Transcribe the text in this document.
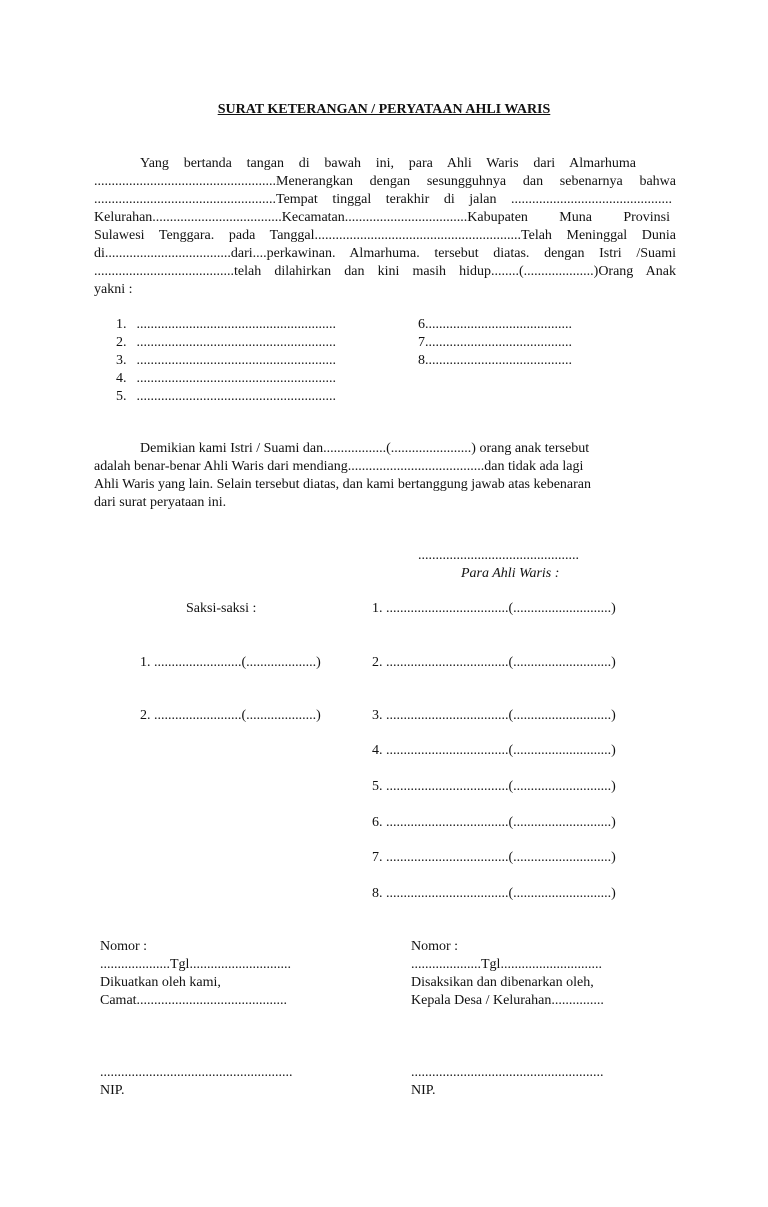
SURAT KETERANGAN / PERYATAAN AHLI WARIS
Yang bertanda tangan di bawah ini, para Ahli Waris dari Almarhuma
....................................................Menerangkan dengan sesungguhnya dan sebenarnya bahwa
....................................................Tempat tinggal terakhir di jalan ..............................................
Kelurahan.....................................Kecamatan...................................Kabupaten Muna Provinsi
Sulawesi Tenggara. pada Tanggal...........................................................Telah Meninggal Dunia
di....................................dari....perkawinan. Almarhuma. tersebut diatas. dengan Istri /Suami
........................................telah dilahirkan dan kini masih hidup........(....................)Orang Anak
yakni :
1. .........................................................
2. .........................................................
3. .........................................................
4. .........................................................
5. .........................................................
6..........................................
7..........................................
8..........................................
Demikian kami Istri / Suami dan..................(.......................) orang anak tersebut
adalah benar-benar Ahli Waris dari mendiang.......................................dan tidak ada lagi
Ahli Waris yang lain. Selain tersebut diatas, dan kami bertanggung jawab atas kebenaran
dari surat peryataan ini.
..............................................
Para Ahli Waris :
Saksi-saksi :
1. .........................(....................)
2. .........................(....................)
1. ...................................(............................)
2. ...................................(............................)
3. ...................................(............................)
4. ...................................(............................)
5. ...................................(............................)
6. ...................................(............................)
7. ...................................(............................)
8. ...................................(............................)
Nomor :
....................Tgl.............................
Dikuatkan oleh kami,
Camat...........................................
.......................................................
NIP.
Nomor :
....................Tgl.............................
Disaksikan dan dibenarkan oleh,
Kepala Desa / Kelurahan...............
.......................................................
NIP.
